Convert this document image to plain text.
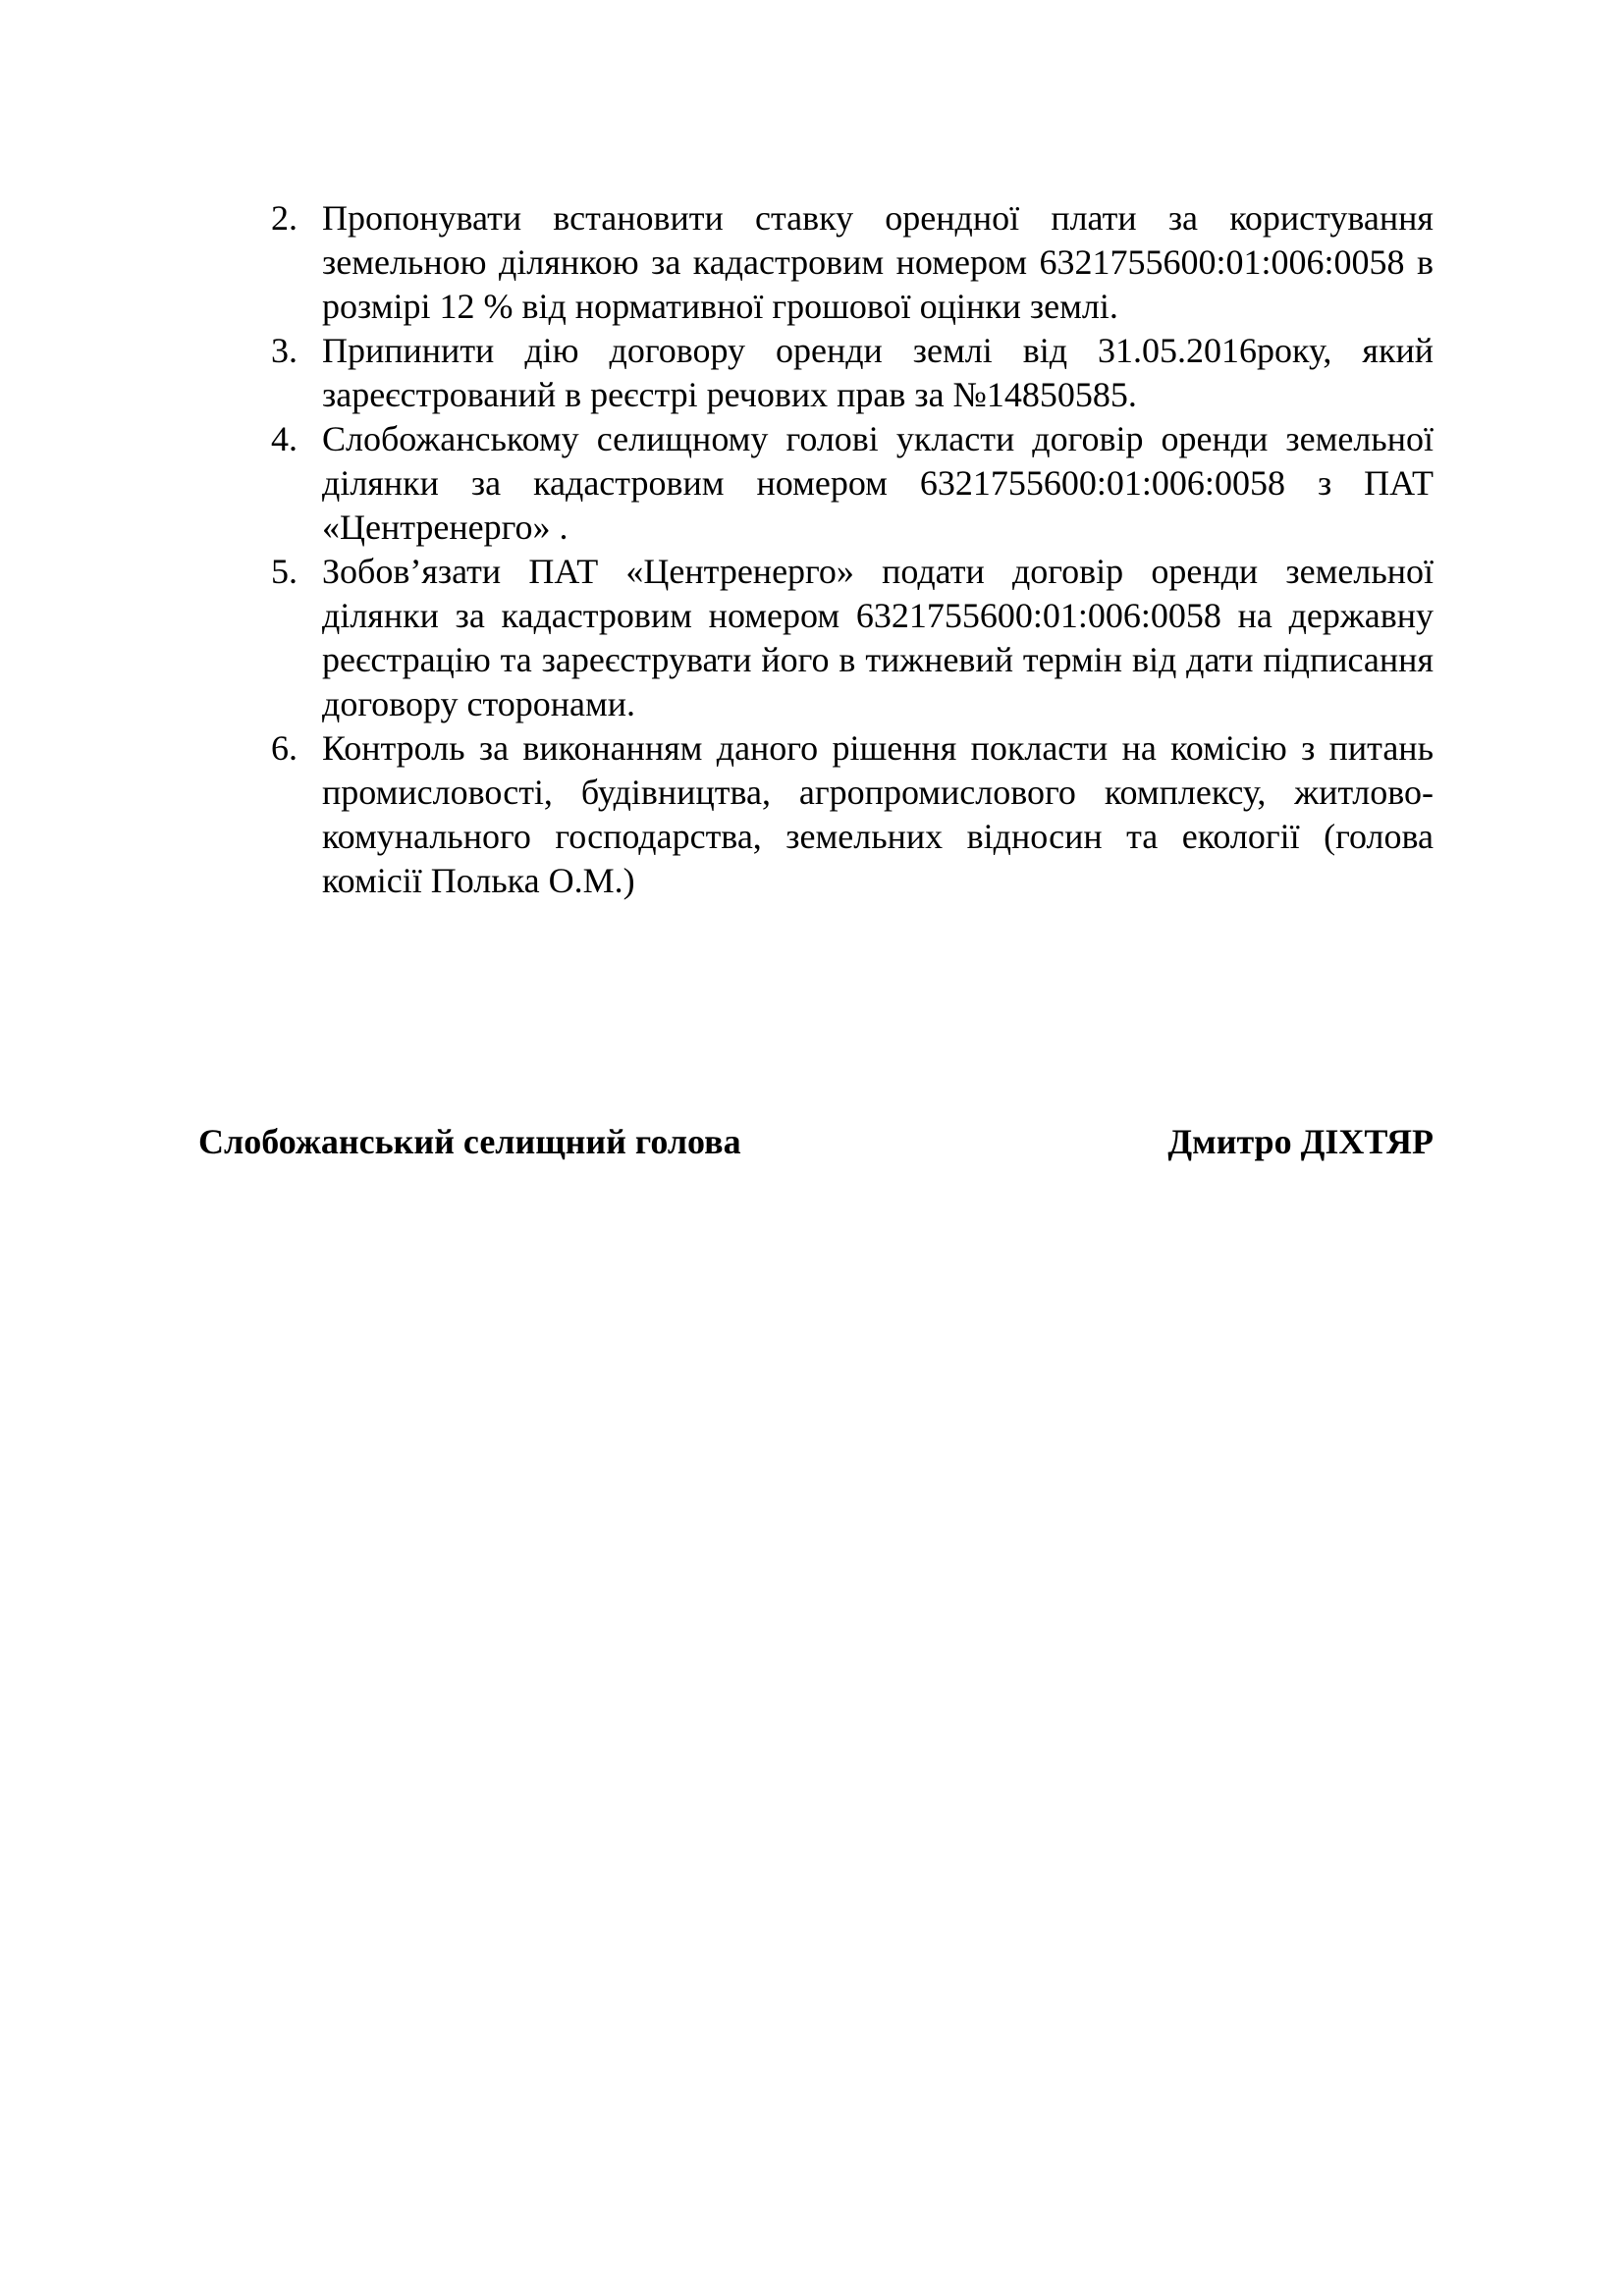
2. Пропонувати встановити ставку орендної плати за користування земельною ділянкою за кадастровим номером 6321755600:01:006:0058 в розмірі 12 % від нормативної грошової оцінки землі.
3. Припинити дію договору оренди землі від 31.05.2016року, який зареєстрований в реєстрі речових прав за №14850585.
4. Слобожанському селищному голові укласти договір оренди земельної ділянки за кадастровим номером 6321755600:01:006:0058 з ПАТ «Центренерго» .
5. Зобов’язати ПАТ «Центренерго» подати договір оренди земельної ділянки за кадастровим номером 6321755600:01:006:0058 на державну реєстрацію та зареєструвати його в тижневий термін від дати підписання договору сторонами.
6. Контроль за виконанням даного рішення покласти на комісію з питань промисловості, будівництва, агропромислового комплексу, житлово-комунального господарства, земельних відносин та екології (голова комісії Полька О.М.)
Слобожанський селищний голова	Дмитро ДІХТЯР
